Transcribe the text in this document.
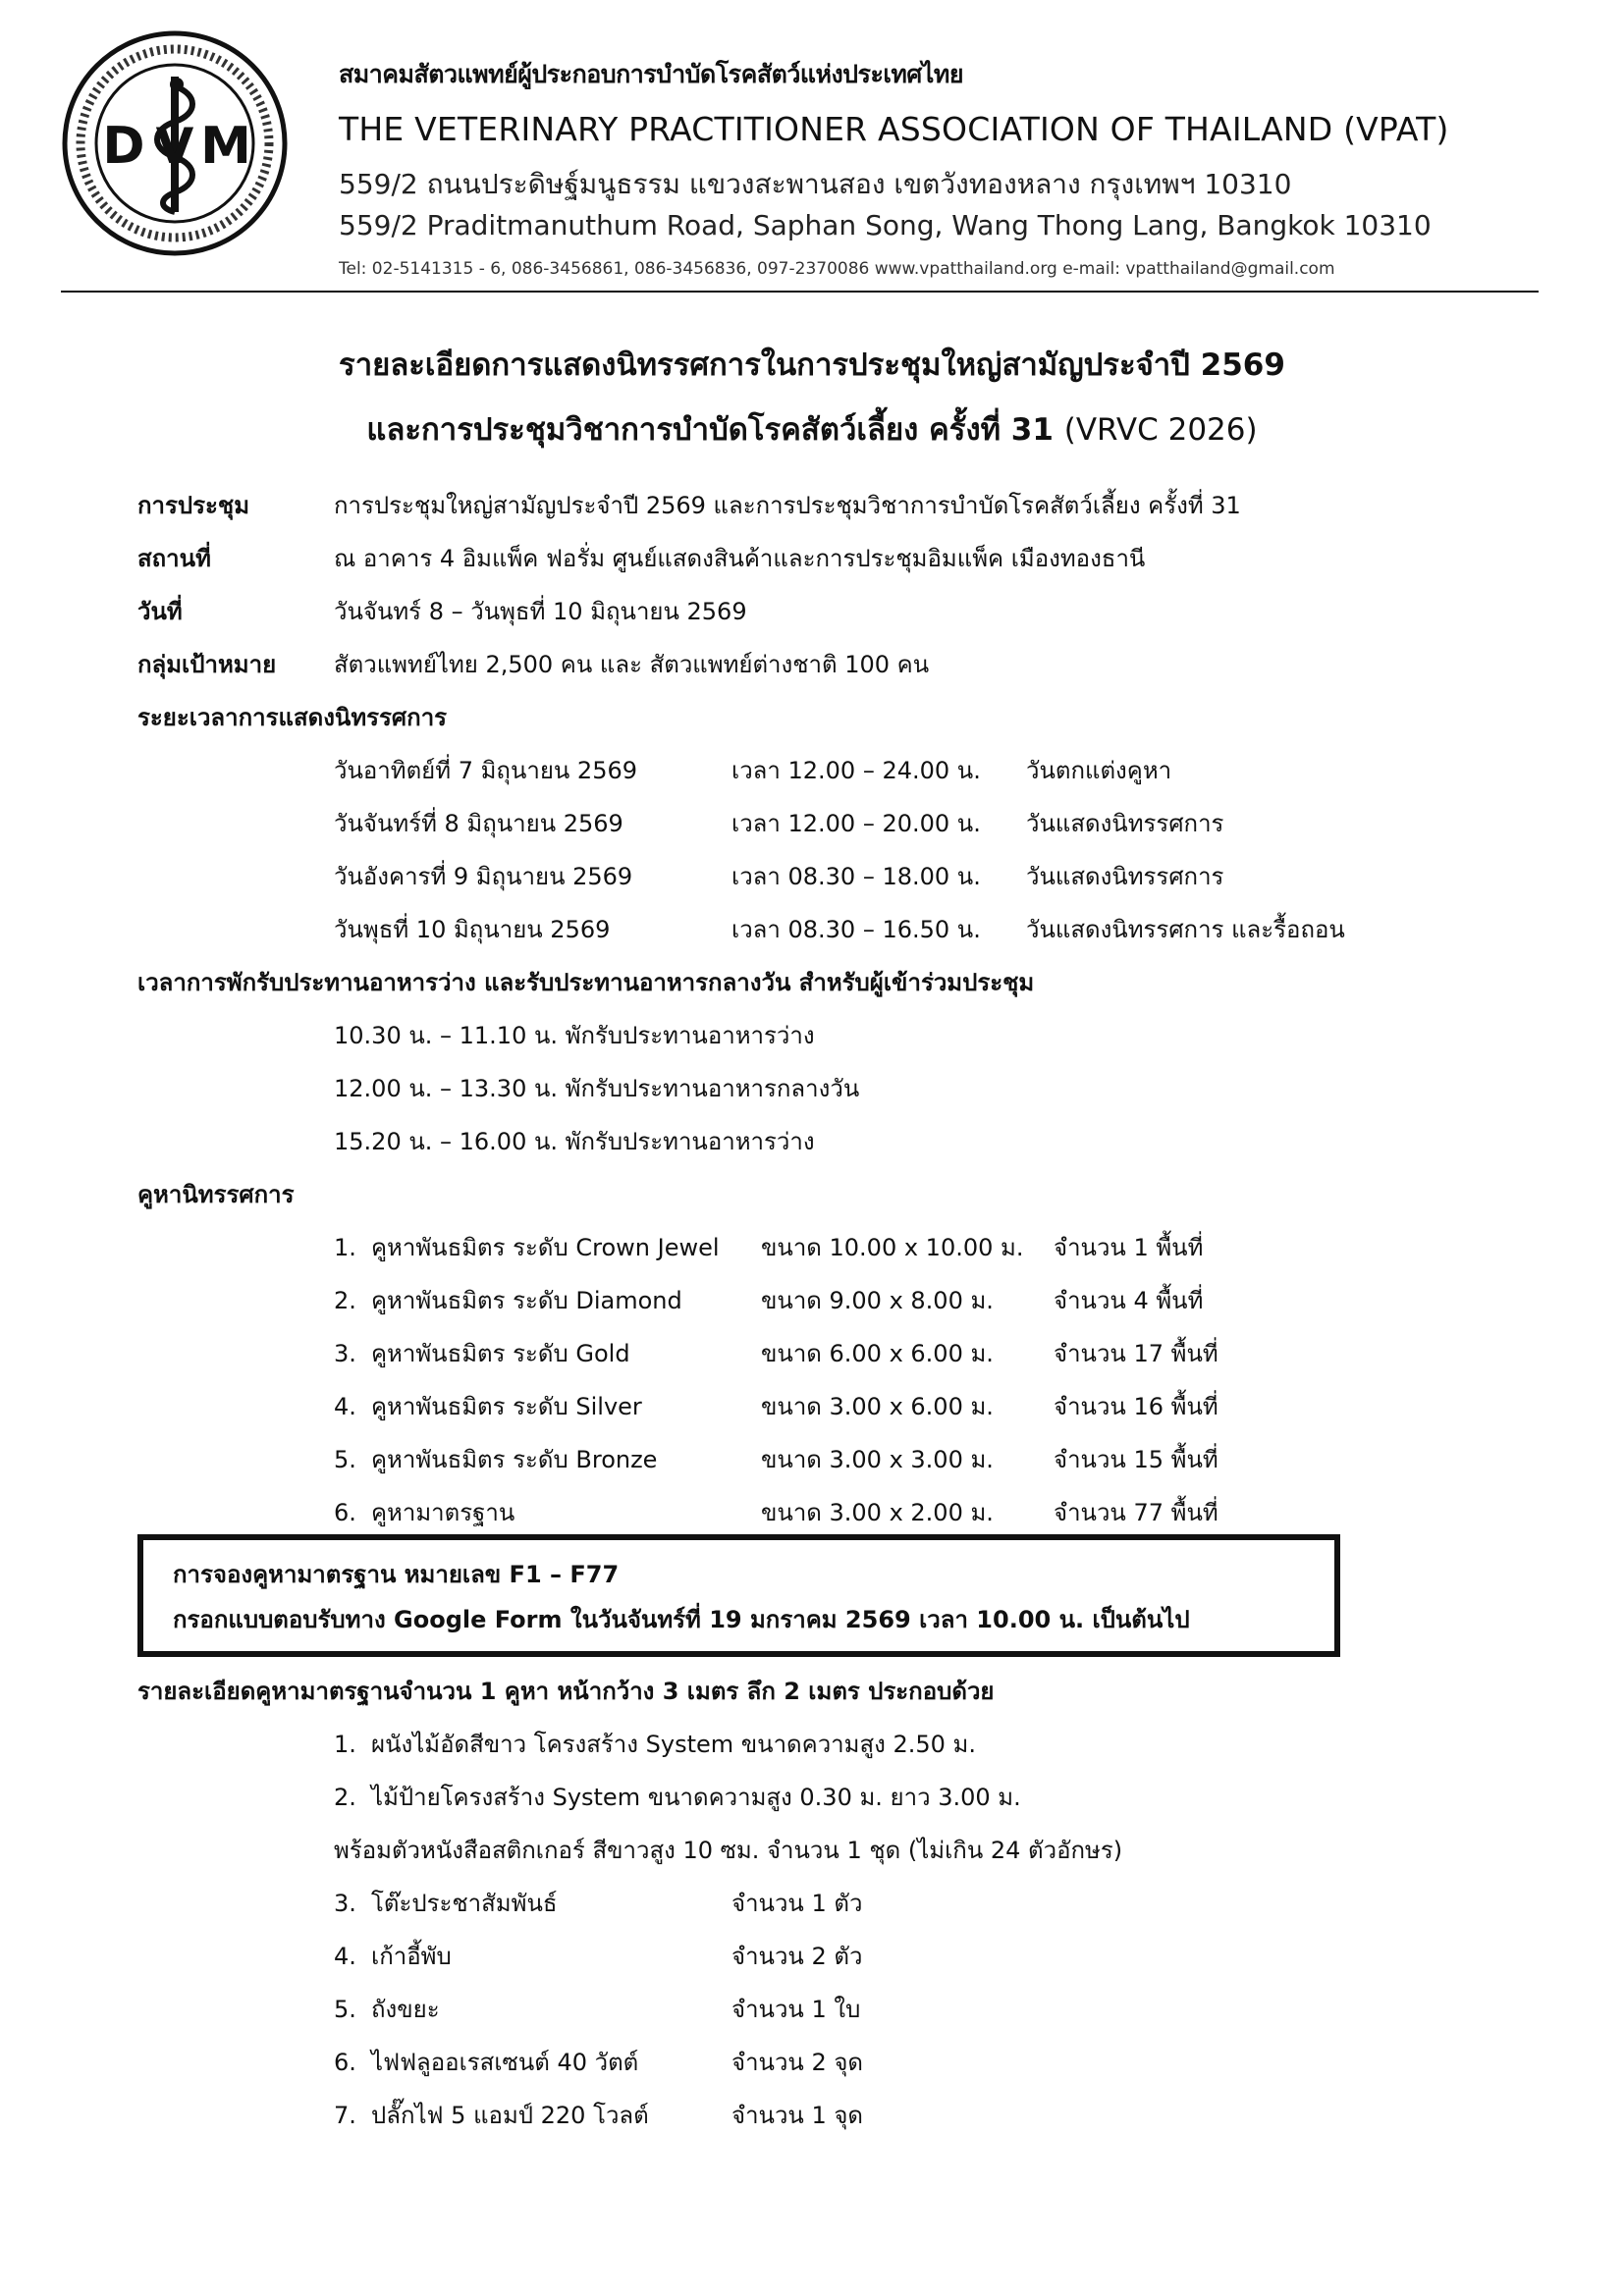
D V M
สมาคมสัตวแพทย์ผู้ประกอบการบำบัดโรคสัตว์แห่งประเทศไทย
THE VETERINARY PRACTITIONER ASSOCIATION OF THAILAND (VPAT)
559/2 ถนนประดิษฐ์มนูธรรม แขวงสะพานสอง เขตวังทองหลาง กรุงเทพฯ 10310
559/2 Praditmanuthum Road, Saphan Song, Wang Thong Lang, Bangkok 10310
Tel: 02-5141315 - 6, 086-3456861, 086-3456836, 097-2370086 www.vpatthailand.org e-mail: vpatthailand@gmail.com
รายละเอียดการแสดงนิทรรศการในการประชุมใหญ่สามัญประจำปี 2569
และการประชุมวิชาการบำบัดโรคสัตว์เลี้ยง ครั้งที่ 31 (VRVC 2026)
การประชุม	การประชุมใหญ่สามัญประจำปี 2569 และการประชุมวิชาการบำบัดโรคสัตว์เลี้ยง ครั้งที่ 31
สถานที่	ณ อาคาร 4 อิมแพ็ค ฟอรั่ม ศูนย์แสดงสินค้าและการประชุมอิมแพ็ค เมืองทองธานี
วันที่	วันจันทร์ 8 – วันพุธที่ 10 มิถุนายน 2569
กลุ่มเป้าหมาย สัตวแพทย์ไทย 2,500 คน และ สัตวแพทย์ต่างชาติ 100 คน
ระยะเวลาการแสดงนิทรรศการ
วันอาทิตย์ที่ 7 มิถุนายน 2569	เวลา 12.00 – 24.00 น. วันตกแต่งคูหา
วันจันทร์ที่ 8 มิถุนายน 2569	เวลา 12.00 – 20.00 น. วันแสดงนิทรรศการ
วันอังคารที่ 9 มิถุนายน 2569	เวลา 08.30 – 18.00 น. วันแสดงนิทรรศการ
วันพุธที่ 10 มิถุนายน 2569	เวลา 08.30 – 16.50 น. วันแสดงนิทรรศการ และรื้อถอน
เวลาการพักรับประทานอาหารว่าง และรับประทานอาหารกลางวัน สำหรับผู้เข้าร่วมประชุม
10.30 น. – 11.10 น. พักรับประทานอาหารว่าง
12.00 น. – 13.30 น. พักรับประทานอาหารกลางวัน
15.20 น. – 16.00 น. พักรับประทานอาหารว่าง
คูหานิทรรศการ
1. คูหาพันธมิตร ระดับ Crown Jewel ขนาด 10.00 x 10.00 ม. จำนวน 1 พื้นที่
2. คูหาพันธมิตร ระดับ Diamond	ขนาด 9.00 x 8.00 ม.	จำนวน 4 พื้นที่
3. คูหาพันธมิตร ระดับ Gold	ขนาด 6.00 x 6.00 ม.	จำนวน 17 พื้นที่
4. คูหาพันธมิตร ระดับ Silver	ขนาด 3.00 x 6.00 ม.	จำนวน 16 พื้นที่
5. คูหาพันธมิตร ระดับ Bronze	ขนาด 3.00 x 3.00 ม.	จำนวน 15 พื้นที่
6. คูหามาตรฐาน	ขนาด 3.00 x 2.00 ม.	จำนวน 77 พื้นที่
การจองคูหามาตรฐาน หมายเลข F1 – F77
กรอกแบบตอบรับทาง Google Form ในวันจันทร์ที่ 19 มกราคม 2569 เวลา 10.00 น. เป็นต้นไป
รายละเอียดคูหามาตรฐานจำนวน 1 คูหา หน้ากว้าง 3 เมตร ลึก 2 เมตร ประกอบด้วย
1. ผนังไม้อัดสีขาว โครงสร้าง System ขนาดความสูง 2.50 ม.
2. ไม้ป้ายโครงสร้าง System ขนาดความสูง 0.30 ม. ยาว 3.00 ม.
พร้อมตัวหนังสือสติกเกอร์ สีขาวสูง 10 ซม. จำนวน 1 ชุด (ไม่เกิน 24 ตัวอักษร)
3. โต๊ะประชาสัมพันธ์	จำนวน 1 ตัว
4. เก้าอี้พับ	จำนวน 2 ตัว
5. ถังขยะ	จำนวน 1 ใบ
6. ไฟฟลูออเรสเซนต์ 40 วัตต์	จำนวน 2 จุด
7. ปลั๊กไฟ 5 แอมป์ 220 โวลต์	จำนวน 1 จุด
